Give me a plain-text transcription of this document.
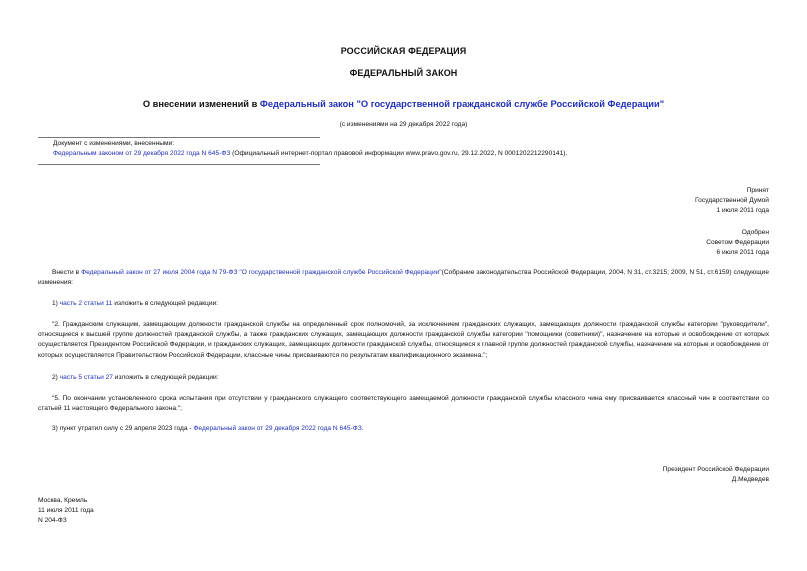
РОССИЙСКАЯ ФЕДЕРАЦИЯ
ФЕДЕРАЛЬНЫЙ ЗАКОН
О внесении изменений в Федеральный закон "О государственной гражданской службе Российской Федерации"
(с изменениями на 29 декабря 2022 года)
Документ с изменениями, внесенными:
Федеральным законом от 29 декабря 2022 года N 645-ФЗ (Официальный интернет-портал правовой информации www.pravo.gov.ru, 29.12.2022, N 0001202212290141).
Принят
Государственной Думой
1 июля 2011 года
Одобрен
Советом Федерации
6 июля 2011 года
Внести в Федеральный закон от 27 июля 2004 года N 79-ФЗ "О государственной гражданской службе Российской Федерации"(Собрание законодательства Российской Федерации, 2004, N 31, ст.3215; 2009, N 51, ст.6159) следующие изменения:
1) часть 2 статьи 11 изложить в следующей редакции:
"2. Гражданским служащим, замещающим должности гражданской службы на определенный срок полномочий, за исключением гражданских служащих, замещающих должности гражданской службы категории "руководители", относящиеся к высшей группе должностей гражданской службы, а также гражданских служащих, замещающих должности гражданской службы категории "помощники (советники)", назначение на которые и освобождение от которых осуществляется Президентом Российской Федерации, и гражданских служащих, замещающих должности гражданской службы, относящиеся к главной группе должностей гражданской службы, назначение на которые и освобождение от которых осуществляется Правительством Российской Федерации, классные чины присваиваются по результатам квалификационного экзамена.";
2) часть 5 статьи 27 изложить в следующей редакции:
"5. По окончании установленного срока испытания при отсутствии у гражданского служащего соответствующего замещаемой должности гражданской службы классного чина ему присваивается классный чин в соответствии со статьей 11 настоящего Федерального закона.";
3) пункт утратил силу с 29 апреля 2023 года - Федеральный закон от 29 декабря 2022 года N 645-ФЗ.
Президент Российской Федерации
Д.Медведев
Москва, Кремль
11 июля 2011 года
N 204-ФЗ
